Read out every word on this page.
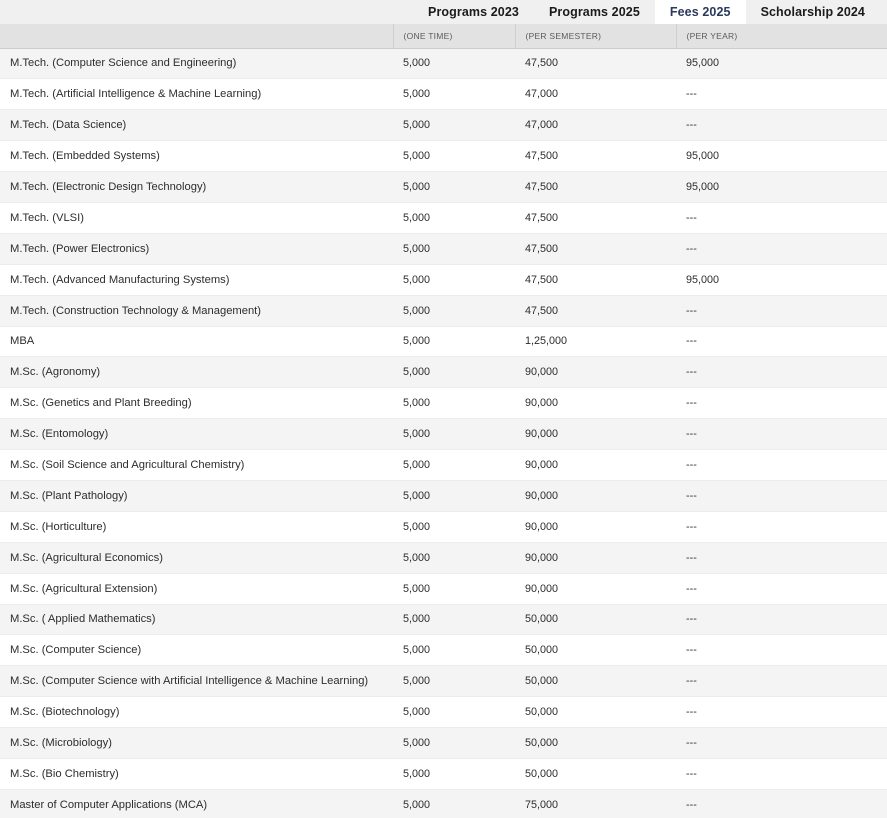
Programs 2023 Programs 2025 Fees 2025 Scholarship 2024
	(ONE TIME)	(PER SEMESTER)	(PER YEAR)
M.Tech. (Computer Science and Engineering)	5,000	47,500	95,000
M.Tech. (Artificial Intelligence & Machine Learning)	5,000	47,000	---
M.Tech. (Data Science)	5,000	47,000	---
M.Tech. (Embedded Systems)	5,000	47,500	95,000
M.Tech. (Electronic Design Technology)	5,000	47,500	95,000
M.Tech. (VLSI)	5,000	47,500	---
M.Tech. (Power Electronics)	5,000	47,500	---
M.Tech. (Advanced Manufacturing Systems)	5,000	47,500	95,000
M.Tech. (Construction Technology & Management)	5,000	47,500	---
MBA	5,000	1,25,000	---
M.Sc. (Agronomy)	5,000	90,000	---
M.Sc. (Genetics and Plant Breeding)	5,000	90,000	---
M.Sc. (Entomology)	5,000	90,000	---
M.Sc. (Soil Science and Agricultural Chemistry)	5,000	90,000	---
M.Sc. (Plant Pathology)	5,000	90,000	---
M.Sc. (Horticulture)	5,000	90,000	---
M.Sc. (Agricultural Economics)	5,000	90,000	---
M.Sc. (Agricultural Extension)	5,000	90,000	---
M.Sc. ( Applied Mathematics)	5,000	50,000	---
M.Sc. (Computer Science)	5,000	50,000	---
M.Sc. (Computer Science with Artificial Intelligence & Machine Learning)	5,000	50,000	---
M.Sc. (Biotechnology)	5,000	50,000	---
M.Sc. (Microbiology)	5,000	50,000	---
M.Sc. (Bio Chemistry)	5,000	50,000	---
Master of Computer Applications (MCA)	5,000	75,000	---
